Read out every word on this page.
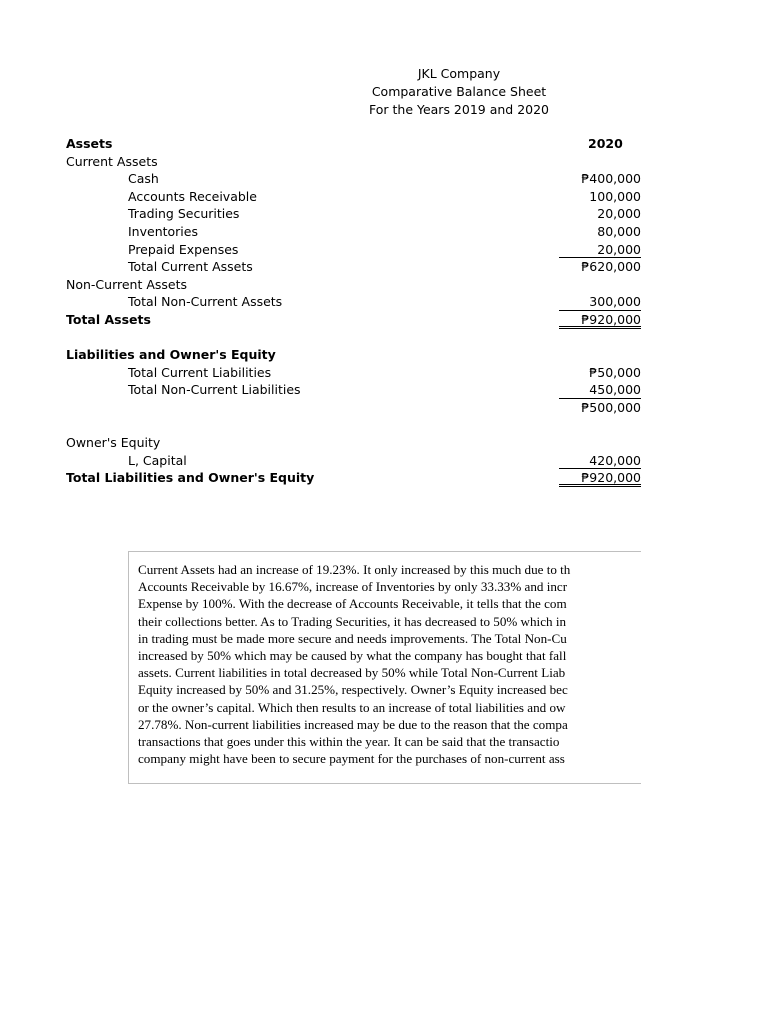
JKL Company
Comparative Balance Sheet
For the Years 2019 and 2020
2020
Assets
Current Assets
Cash	₱400,000
Accounts Receivable	100,000
Trading Securities	20,000
Inventories	80,000
Prepaid Expenses	20,000
Total Current Assets	₱620,000
Non-Current Assets
Total Non-Current Assets	300,000
Total Assets	₱920,000
Liabilities and Owner's Equity
Total Current Liabilities	₱50,000
Total Non-Current Liabilities	450,000
₱500,000
Owner's Equity
L, Capital	420,000
Total Liabilities and Owner's Equity	₱920,000
Current Assets had an increase of 19.23%. It only increased by this much due to th
Accounts Receivable by 16.67%, increase of Inventories by only 33.33% and incr
Expense by 100%. With the decrease of Accounts Receivable, it tells that the com
their collections better. As to Trading Securities, it has decreased to 50% which in
in trading must be made more secure and needs improvements. The Total Non-Cu
increased by 50% which may be caused by what the company has bought that fall
assets. Current liabilities in total decreased by 50% while Total Non-Current Liab
Equity increased by 50% and 31.25%, respectively. Owner’s Equity increased bec
or the owner’s capital. Which then results to an increase of total liabilities and ow
27.78%. Non-current liabilities increased may be due to the reason that the compa
transactions that goes under this within the year. It can be said that the transactio
company might have been to secure payment for the purchases of non-current ass
